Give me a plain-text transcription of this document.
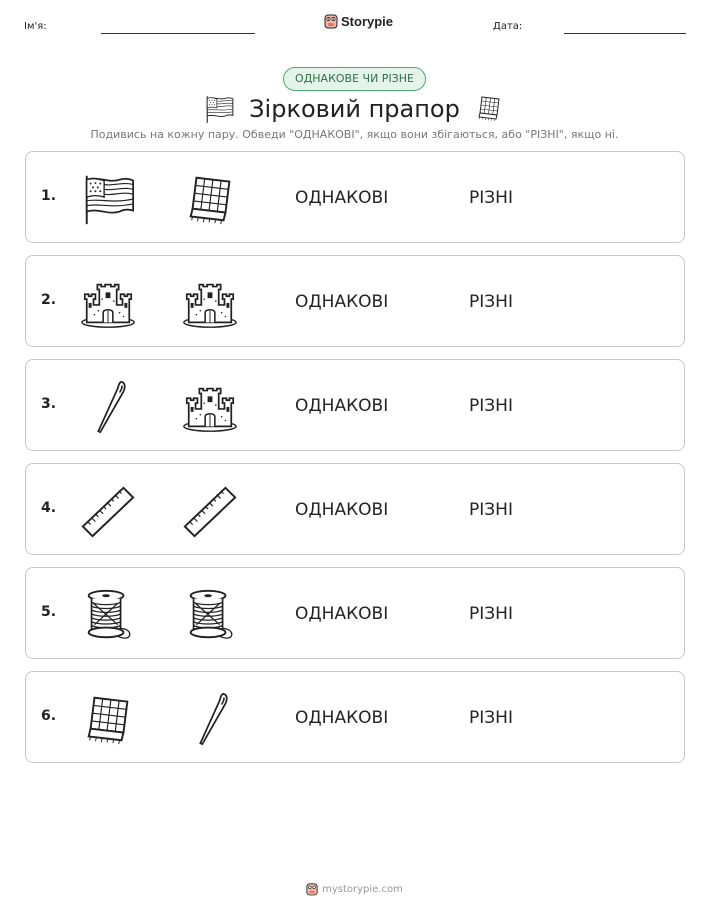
Ім'я:	Storypie	Дата:
ОДНАКОВЕ ЧИ РІЗНЕ
Зірковий прапор
Подивись на кожну пару. Обведи "ОДНАКОВІ", якщо вони збігаються, або "РІЗНІ", якщо ні.
1.	ОДНАКОВІ	РІЗНІ
2.	ОДНАКОВІ	РІЗНІ
3.	ОДНАКОВІ	РІЗНІ
4.	ОДНАКОВІ	РІЗНІ
5.	ОДНАКОВІ	РІЗНІ
6.	ОДНАКОВІ	РІЗНІ
mystorypie.com
